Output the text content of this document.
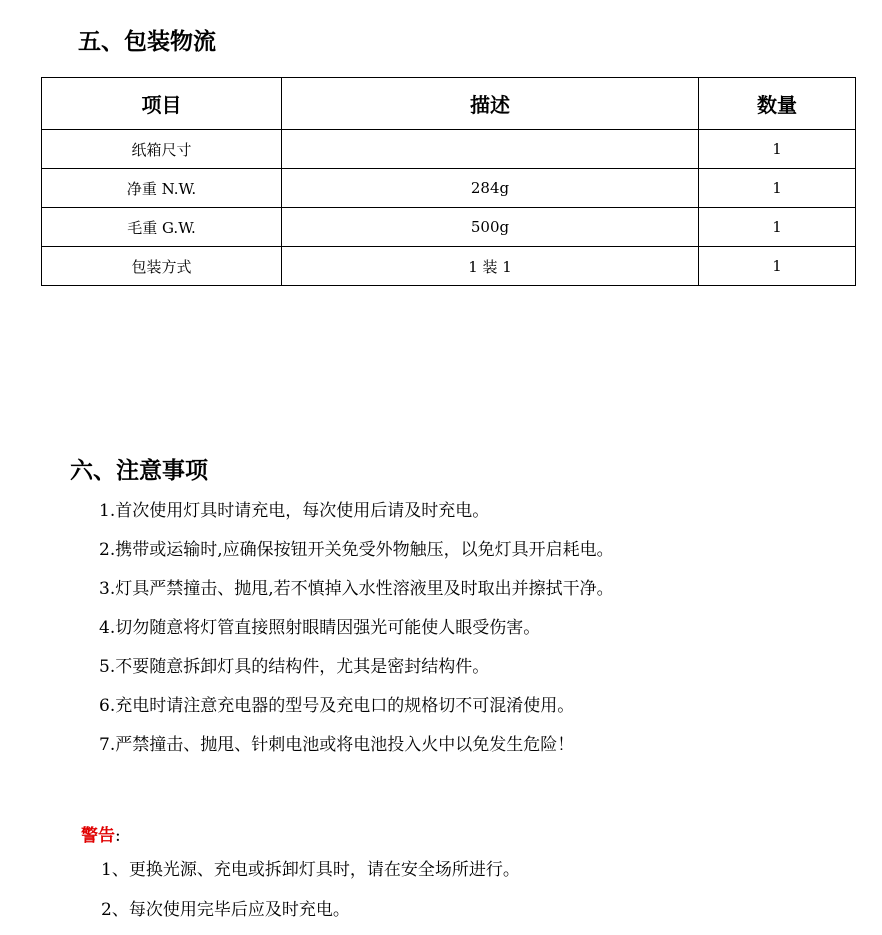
五、包装物流
项目	描述	数量
纸箱尺寸		1
净重 N.W.	284g	1
毛重 G.W.	500g	1
包装方式	1 装 1	1
六、注意事项
1.首次使用灯具时请充电，每次使用后请及时充电。
2.携带或运输时,应确保按钮开关免受外物触压，以免灯具开启耗电。
3.灯具严禁撞击、抛甩,若不慎掉入水性溶液里及时取出并擦拭干净。
4.切勿随意将灯管直接照射眼睛因强光可能使人眼受伤害。
5.不要随意拆卸灯具的结构件，尤其是密封结构件。
6.充电时请注意充电器的型号及充电口的规格切不可混淆使用。
7.严禁撞击、抛甩、针刺电池或将电池投入火中以免发生危险！
警告:
1、更换光源、充电或拆卸灯具时，请在安全场所进行。
2、每次使用完毕后应及时充电。
